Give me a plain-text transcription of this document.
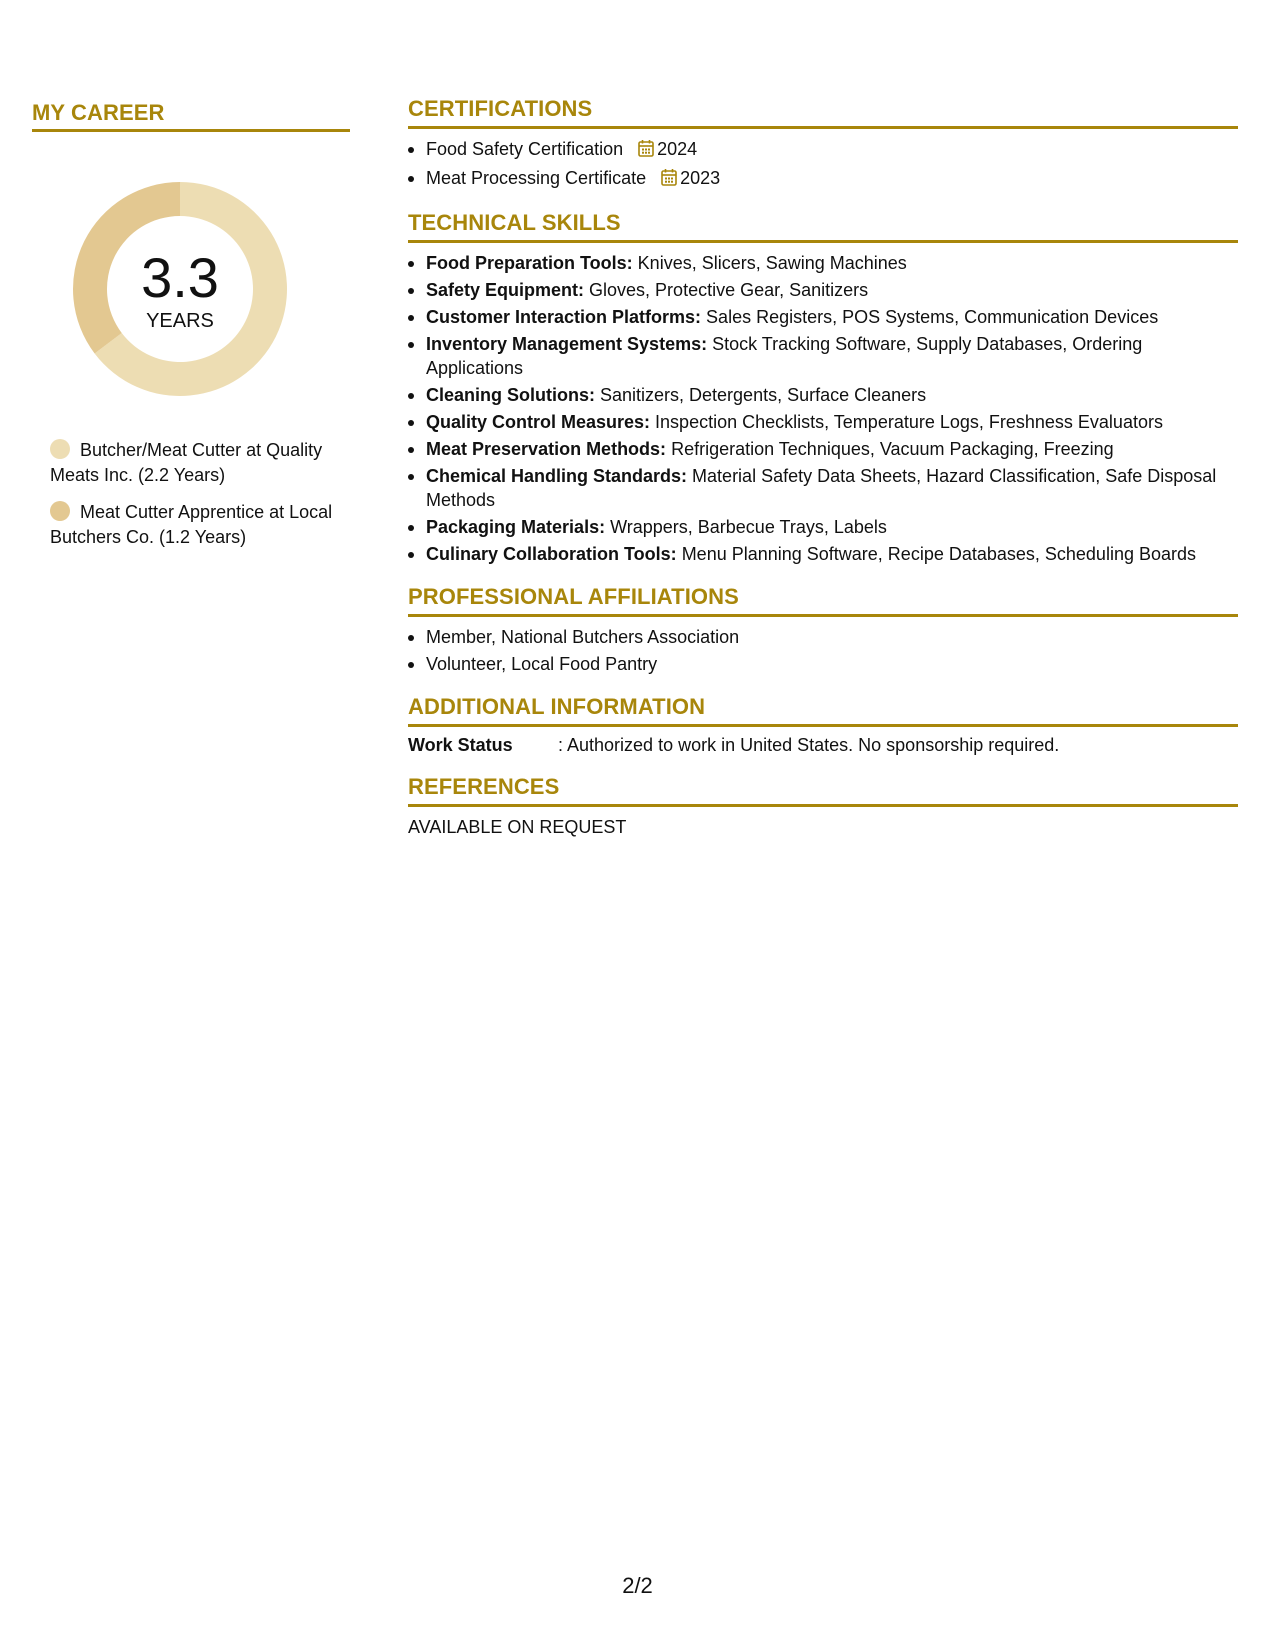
MY CAREER
3.3
YEARS
Butcher/Meat Cutter at Quality Meats Inc. (2.2 Years)
Meat Cutter Apprentice at Local Butchers Co. (1.2 Years)
CERTIFICATIONS
Food Safety Certification 2024
Meat Processing Certificate 2023
TECHNICAL SKILLS
Food Preparation Tools: Knives, Slicers, Sawing Machines
Safety Equipment: Gloves, Protective Gear, Sanitizers
Customer Interaction Platforms: Sales Registers, POS Systems, Communication Devices
Inventory Management Systems: Stock Tracking Software, Supply Databases, Ordering Applications
Cleaning Solutions: Sanitizers, Detergents, Surface Cleaners
Quality Control Measures: Inspection Checklists, Temperature Logs, Freshness Evaluators
Meat Preservation Methods: Refrigeration Techniques, Vacuum Packaging, Freezing
Chemical Handling Standards: Material Safety Data Sheets, Hazard Classification, Safe Disposal Methods
Packaging Materials: Wrappers, Barbecue Trays, Labels
Culinary Collaboration Tools: Menu Planning Software, Recipe Databases, Scheduling Boards
PROFESSIONAL AFFILIATIONS
Member, National Butchers Association
Volunteer, Local Food Pantry
ADDITIONAL INFORMATION
Work Status	: Authorized to work in United States. No sponsorship required.
REFERENCES
AVAILABLE ON REQUEST
2/2
